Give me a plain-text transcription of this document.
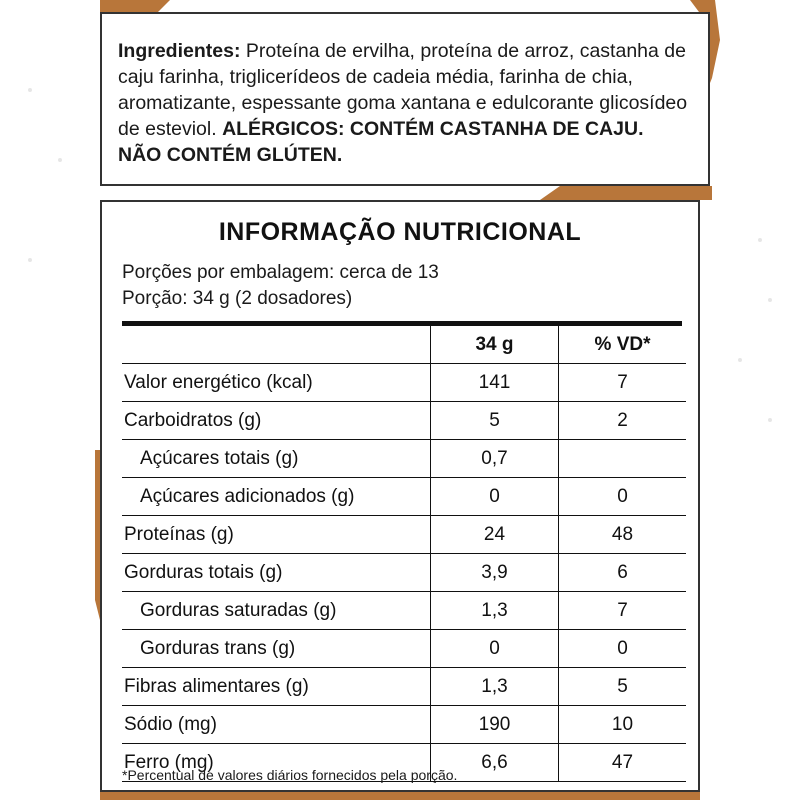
Ingredientes: Proteína de ervilha, proteína de arroz, castanha de caju farinha, triglicerídeos de cadeia média, farinha de chia, aromatizante, espessante goma xantana e edulcorante glicosídeo de esteviol. ALÉRGICOS: CONTÉM CASTANHA DE CAJU. NÃO CONTÉM GLÚTEN.
INFORMAÇÃO NUTRICIONAL
Porções por embalagem: cerca de 13
Porção: 34 g (2 dosadores)
	34 g	% VD*
Valor energético (kcal)	141	7
Carboidratos (g)	5	2
Açúcares totais (g)	0,7	
Açúcares adicionados (g)	0	0
Proteínas (g)	24	48
Gorduras totais (g)	3,9	6
Gorduras saturadas (g)	1,3	7
Gorduras trans (g)	0	0
Fibras alimentares (g)	1,3	5
Sódio (mg)	190	10
Ferro (mg)	6,6	47
*Percentual de valores diários fornecidos pela porção.
